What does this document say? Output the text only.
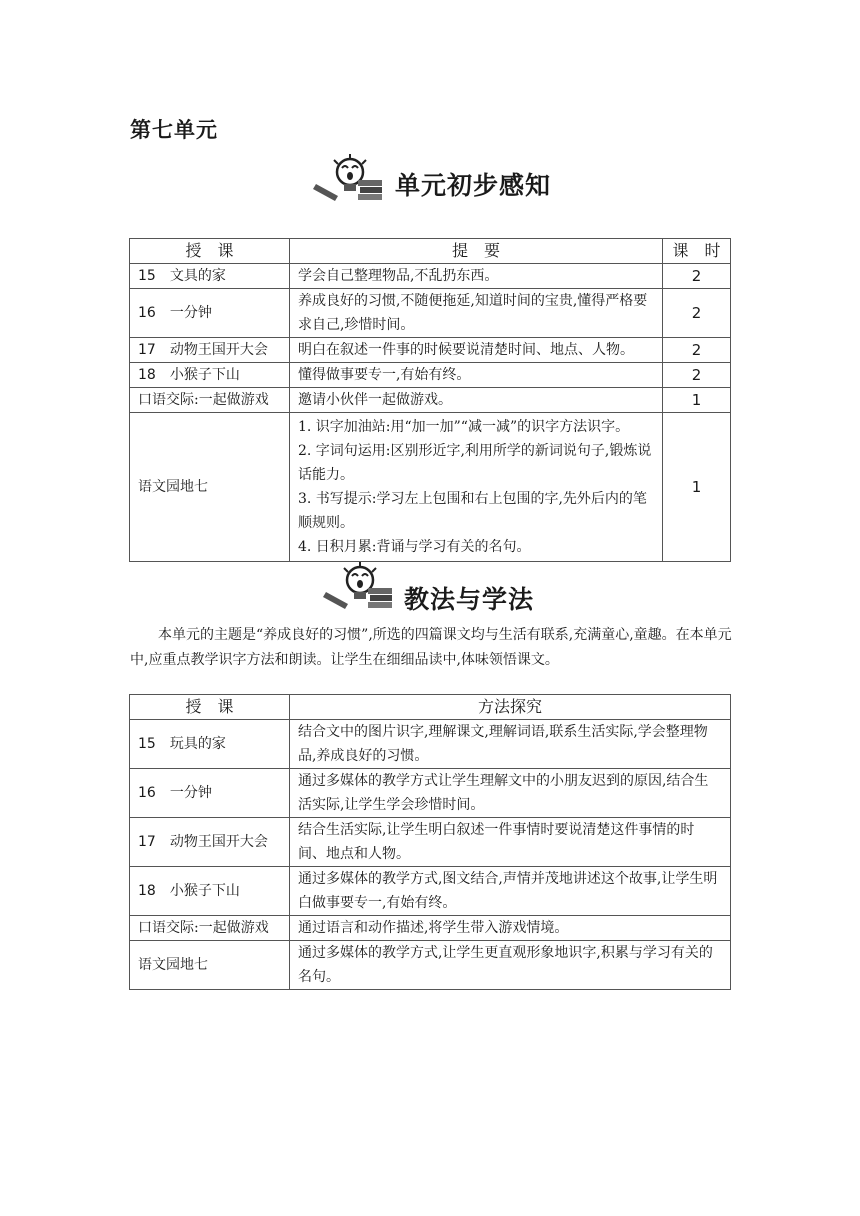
第七单元
单元初步感知
授　课	提　要	课　时
15 文具的家	学会自己整理物品,不乱扔东西。	2
16 一分钟	养成良好的习惯,不随便拖延,知道时间的宝贵,懂得严格要求自己,珍惜时间。	2
17 动物王国开大会	明白在叙述一件事的时候要说清楚时间、地点、人物。	2
18 小猴子下山	懂得做事要专一,有始有终。	2
口语交际:一起做游戏	邀请小伙伴一起做游戏。	1
语文园地七	1. 识字加油站:用“加一加”“减一减”的识字方法识字。
2. 字词句运用:区别形近字,利用所学的新词说句子,锻炼说话能力。
3. 书写提示:学习左上包围和右上包围的字,先外后内的笔顺规则。
4. 日积月累:背诵与学习有关的名句。	1
教法与学法
本单元的主题是“养成良好的习惯”,所选的四篇课文均与生活有联系,充满童心,童趣。在本单元中,应重点教学识字方法和朗读。让学生在细细品读中,体味领悟课文。
授　课	方法探究
15 玩具的家	结合文中的图片识字,理解课文,理解词语,联系生活实际,学会整理物品,养成良好的习惯。
16 一分钟	通过多媒体的教学方式让学生理解文中的小朋友迟到的原因,结合生活实际,让学生学会珍惜时间。
17 动物王国开大会	结合生活实际,让学生明白叙述一件事情时要说清楚这件事情的时间、地点和人物。
18 小猴子下山	通过多媒体的教学方式,图文结合,声情并茂地讲述这个故事,让学生明白做事要专一,有始有终。
口语交际:一起做游戏	通过语言和动作描述,将学生带入游戏情境。
语文园地七	通过多媒体的教学方式,让学生更直观形象地识字,积累与学习有关的名句。
